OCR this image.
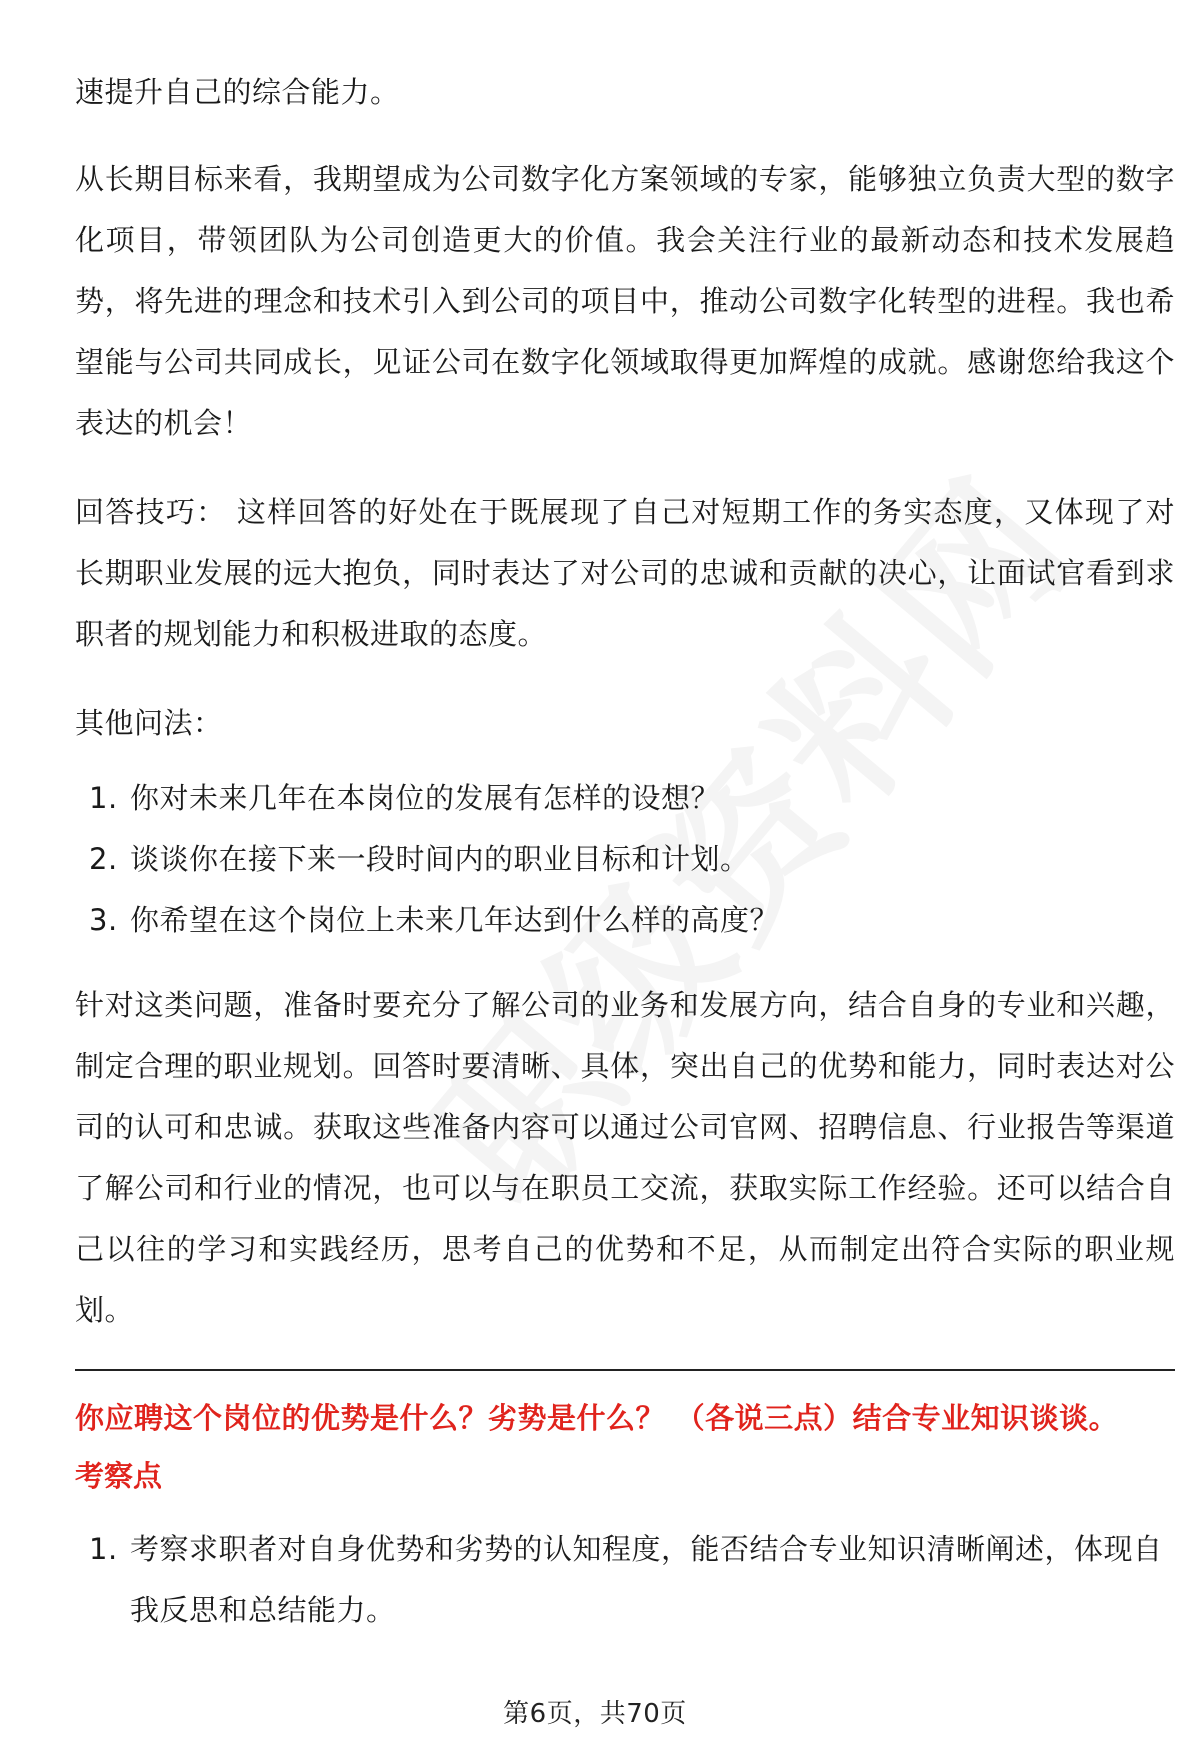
速提升自己的综合能力。

从长期目标来看，我期望成为公司数字化方案领域的专家，能够独立负责大型的数字化项目，带领团队为公司创造更大的价值。我会关注行业的最新动态和技术发展趋势，将先进的理念和技术引入到公司的项目中，推动公司数字化转型的进程。我也希望能与公司共同成长，见证公司在数字化领域取得更加辉煌的成就。感谢您给我这个表达的机会！

回答技巧： 这样回答的好处在于既展现了自己对短期工作的务实态度，又体现了对长期职业发展的远大抱负，同时表达了对公司的忠诚和贡献的决心，让面试官看到求职者的规划能力和积极进取的态度。

其他问法：

1. 你对未来几年在本岗位的发展有怎样的设想？
2. 谈谈你在接下来一段时间内的职业目标和计划。
3. 你希望在这个岗位上未来几年达到什么样的高度？

针对这类问题，准备时要充分了解公司的业务和发展方向，结合自身的专业和兴趣，制定合理的职业规划。回答时要清晰、具体，突出自己的优势和能力，同时表达对公司的认可和忠诚。获取这些准备内容可以通过公司官网、招聘信息、行业报告等渠道了解公司和行业的情况，也可以与在职员工交流，获取实际工作经验。还可以结合自己以往的学习和实践经历，思考自己的优势和不足，从而制定出符合实际的职业规划。

你应聘这个岗位的优势是什么？劣势是什么？ （各说三点）结合专业知识谈谈。

考察点

1. 考察求职者对自身优势和劣势的认知程度，能否结合专业知识清晰阐述，体现自我反思和总结能力。
第6页，共70页
